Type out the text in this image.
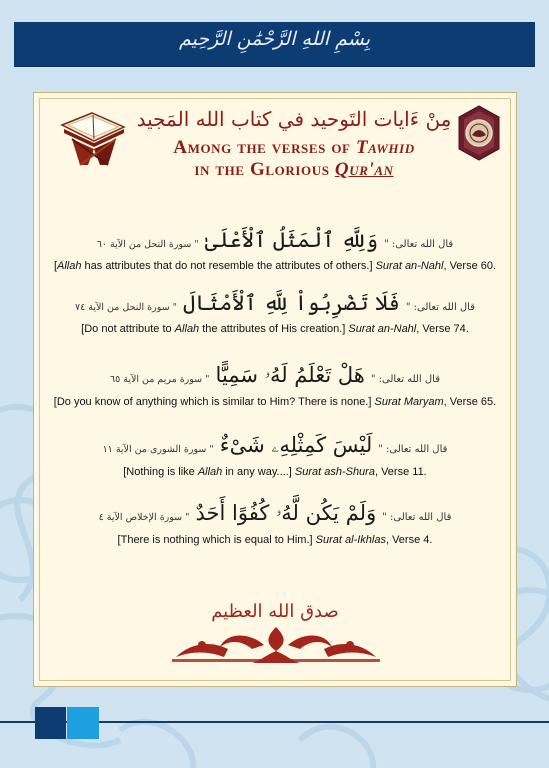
بِسْمِ اللهِ الرَّحْمَٰنِ الرَّحِيم
مِنْ ءَايات التَوحيد في كتاب الله المَجيد
Among the verses of Tawhid
in the Glorious Qur'an
قال الله تعالى: "وَلِلَّهِ ٱلْمَثَلُ ٱلْأَعْلَىٰ" سورة النحل من الآية ٦٠
[Allah has attributes that do not resemble the attributes of others.] Surat an-Nahl, Verse 60.
قال الله تعالى: "فَلَا تَضْرِبُواْ لِلَّهِ ٱلْأَمْثَالَ" سورة النحل من الآية ٧٤
[Do not attribute to Allah the attributes of His creation.] Surat an-Nahl, Verse 74.
قال الله تعالى: "هَلْ تَعْلَمُ لَهُۥ سَمِيًّا" سورة مريم من الآية ٦٥
[Do you know of anything which is similar to Him? There is none.] Surat Maryam, Verse 65.
قال الله تعالى: "لَيْسَ كَمِثْلِهِۦ شَىْءٌ" سورة الشورى من الآية ١١
[Nothing is like Allah in any way....] Surat ash-Shura, Verse 11.
قال الله تعالى: "وَلَمْ يَكُن لَّهُۥ كُفُوًا أَحَدٌ" سورة الإخلاص الآية ٤
[There is nothing which is equal to Him.] Surat al-Ikhlas, Verse 4.
صدق الله العظيم
